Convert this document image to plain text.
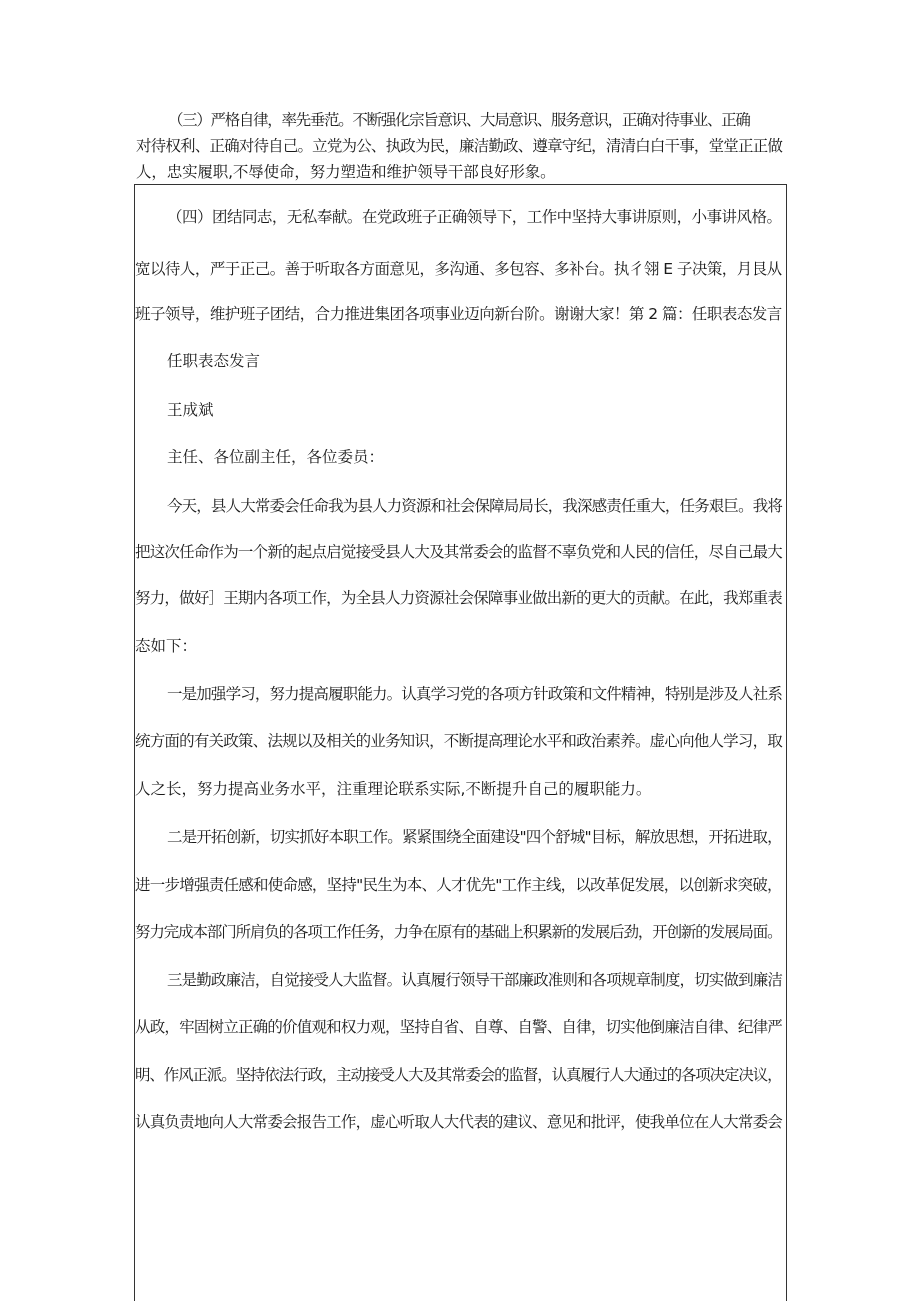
（三）严格自律，率先垂范。不断强化宗旨意识、大局意识、服务意识，正确对待事业、正确
对待权利、正确对待自己。立党为公、执政为民，廉洁勤政、遵章守纪，清清白白干事，堂堂正正做
人，忠实履职,不辱使命，努力塑造和维护领导干部良好形象。
（四）团结同志，无私奉献。在党政班子正确领导下，工作中坚持大事讲原则，小事讲风格。
宽以待人，严于正己。善于听取各方面意见，多沟通、多包容、多补台。执彳翎 E 子决策，月艮从
班子领导，维护班子团结，合力推进集团各项事业迈向新台阶。谢谢大家！第 2 篇：任职表态发言
任职表态发言
王成斌
主任、各位副主任，各位委员：
今天，县人大常委会任命我为县人力资源和社会保障局局长，我深感责任重大，任务艰巨。我将
把这次任命作为一个新的起点启觉接受县人大及其常委会的监督不辜负党和人民的信任，尽自己最大
努力，做好］王期内各项工作，为全县人力资源社会保障事业做出新的更大的贡献。在此，我郑重表
态如下：
一是加强学习，努力提高履职能力。认真学习党的各项方针政策和文件精神，特别是涉及人社系
统方面的有关政策、法规以及相关的业务知识，不断提高理论水平和政治素养。虚心向他人学习，取
人之长，努力提高业务水平，注重理论联系实际,不断提升自己的履职能力。
二是开拓创新，切实抓好本职工作。紧紧围绕全面建设"四个舒城"目标，解放思想，开拓进取，
进一步增强责任感和使命感，坚持"民生为本、人才优先"工作主线，以改革促发展，以创新求突破，
努力完成本部门所肩负的各项工作任务，力争在原有的基础上积累新的发展后劲，开创新的发展局面。
三是勤政廉洁，自觉接受人大监督。认真履行领导干部廉政准则和各项规章制度，切实做到廉洁
从政，牢固树立正确的价值观和权力观，坚持自省、自尊、自警、自律，切实他倒廉洁自律、纪律严
明、作风正派。坚持依法行政，主动接受人大及其常委会的监督，认真履行人大通过的各项决定决议，
认真负责地向人大常委会报告工作，虚心听取人大代表的建议、意见和批评，使我单位在人大常委会
